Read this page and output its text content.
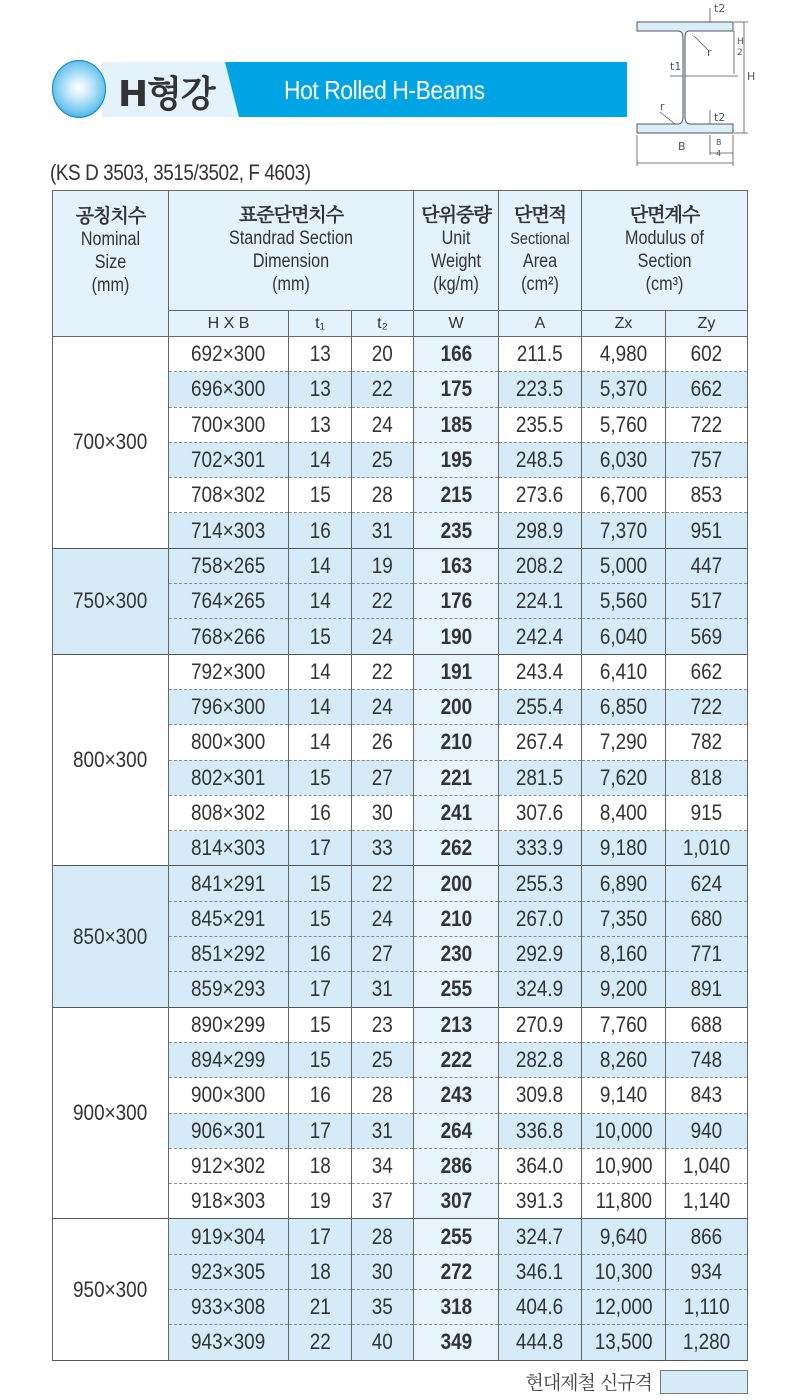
H형강	Hot Rolled H-Beams
t2
r
H
2
t1
H
r
t2
B	B
4
(KS D 3503, 3515/3502, F 4603)
공칭치수
Nominal
Size
(mm)	표준단면치수
Standrad Section
Dimension
(mm)			단위중량
Unit
Weight
(kg/m)	단면적
Sectional
Area
(cm²)	단면계수
Modulus of
Section
(cm³)	

	H X B	t₁	t₂	W	A	Zx	Zy
700×300	692×300	13	20	166	211.5	4,980	602
	696×300	13	22	175	223.5	5,370	662
	700×300	13	24	185	235.5	5,760	722
	702×301	14	25	195	248.5	6,030	757
	708×302	15	28	215	273.6	6,700	853
	714×303	16	31	235	298.9	7,370	951
750×300	758×265	14	19	163	208.2	5,000	447
	764×265	14	22	176	224.1	5,560	517
	768×266	15	24	190	242.4	6,040	569
800×300	792×300	14	22	191	243.4	6,410	662
	796×300	14	24	200	255.4	6,850	722
	800×300	14	26	210	267.4	7,290	782
	802×301	15	27	221	281.5	7,620	818
	808×302	16	30	241	307.6	8,400	915
	814×303	17	33	262	333.9	9,180	1,010
850×300	841×291	15	22	200	255.3	6,890	624
	845×291	15	24	210	267.0	7,350	680
	851×292	16	27	230	292.9	8,160	771
	859×293	17	31	255	324.9	9,200	891
900×300	890×299	15	23	213	270.9	7,760	688
	894×299	15	25	222	282.8	8,260	748
	900×300	16	28	243	309.8	9,140	843
	906×301	17	31	264	336.8	10,000	940
	912×302	18	34	286	364.0	10,900	1,040
	918×303	19	37	307	391.3	11,800	1,140
950×300	919×304	17	28	255	324.7	9,640	866
	923×305	18	30	272	346.1	10,300	934
	933×308	21	35	318	404.6	12,000	1,110
	943×309	22	40	349	444.8	13,500	1,280
현대제철 신규격
